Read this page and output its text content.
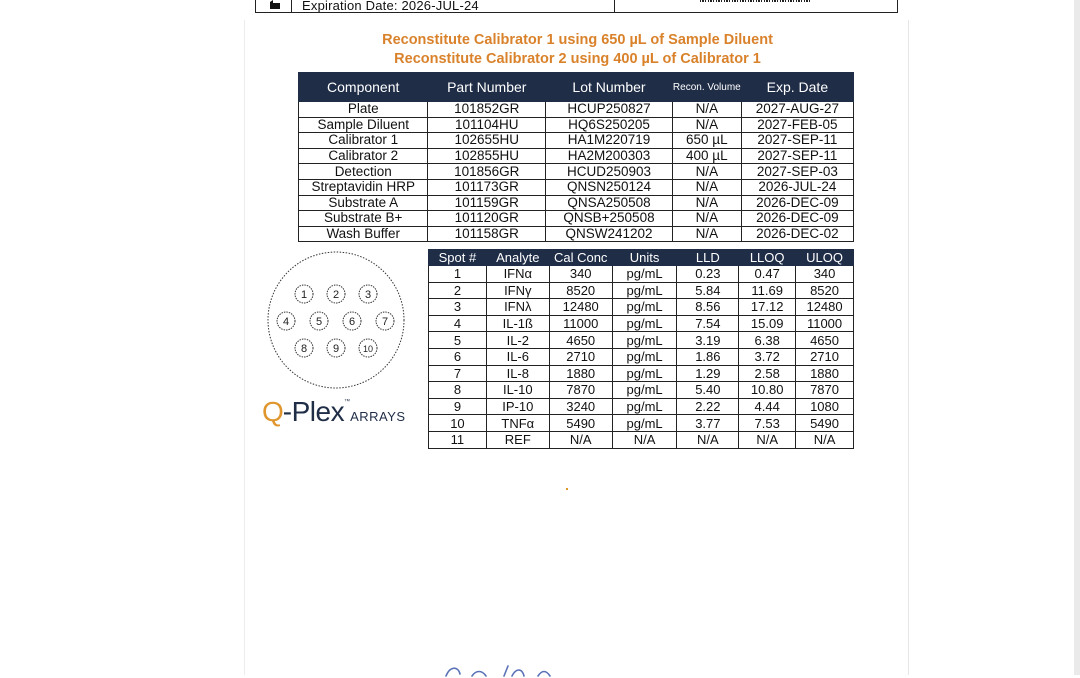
Expiration Date: 2026-JUL-24
Reconstitute Calibrator 1 using 650 µL of Sample Diluent
Reconstitute Calibrator 2 using 400 µL of Calibrator 1
Component	Part Number	Lot Number	Recon. Volume	Exp. Date
Plate	101852GR	HCUP250827	N/A	2027-AUG-27
Sample Diluent	101104HU	HQ6S250205	N/A	2027-FEB-05
Calibrator 1	102655HU	HA1M220719	650 µL	2027-SEP-11
Calibrator 2	102855HU	HA2M200303	400 µL	2027-SEP-11
Detection	101856GR	HCUD250903	N/A	2027-SEP-03
Streptavidin HRP	101173GR	QNSN250124	N/A	2026-JUL-24
Substrate A	101159GR	QNSA250508	N/A	2026-DEC-09
Substrate B+	101120GR	QNSB+250508	N/A	2026-DEC-09
Wash Buffer	101158GR	QNSW241202	N/A	2026-DEC-02
1 2 3
4 5 6 7
8 9	10
Q-Plex™ARRAYS
Spot #	Analyte	Cal Conc	Units	LLD	LLOQ	ULOQ
1	IFNα	340	pg/mL	0.23	0.47	340
2	IFNγ	8520	pg/mL	5.84	11.69	8520
3	IFNλ	12480	pg/mL	8.56	17.12	12480
4	IL-1ß	11000	pg/mL	7.54	15.09	11000
5	IL-2	4650	pg/mL	3.19	6.38	4650
6	IL-6	2710	pg/mL	1.86	3.72	2710
7	IL-8	1880	pg/mL	1.29	2.58	1880
8	IL-10	7870	pg/mL	5.40	10.80	7870
9	IP-10	3240	pg/mL	2.22	4.44	1080
10	TNFα	5490	pg/mL	3.77	7.53	5490
11	REF	N/A	N/A	N/A	N/A	N/A
